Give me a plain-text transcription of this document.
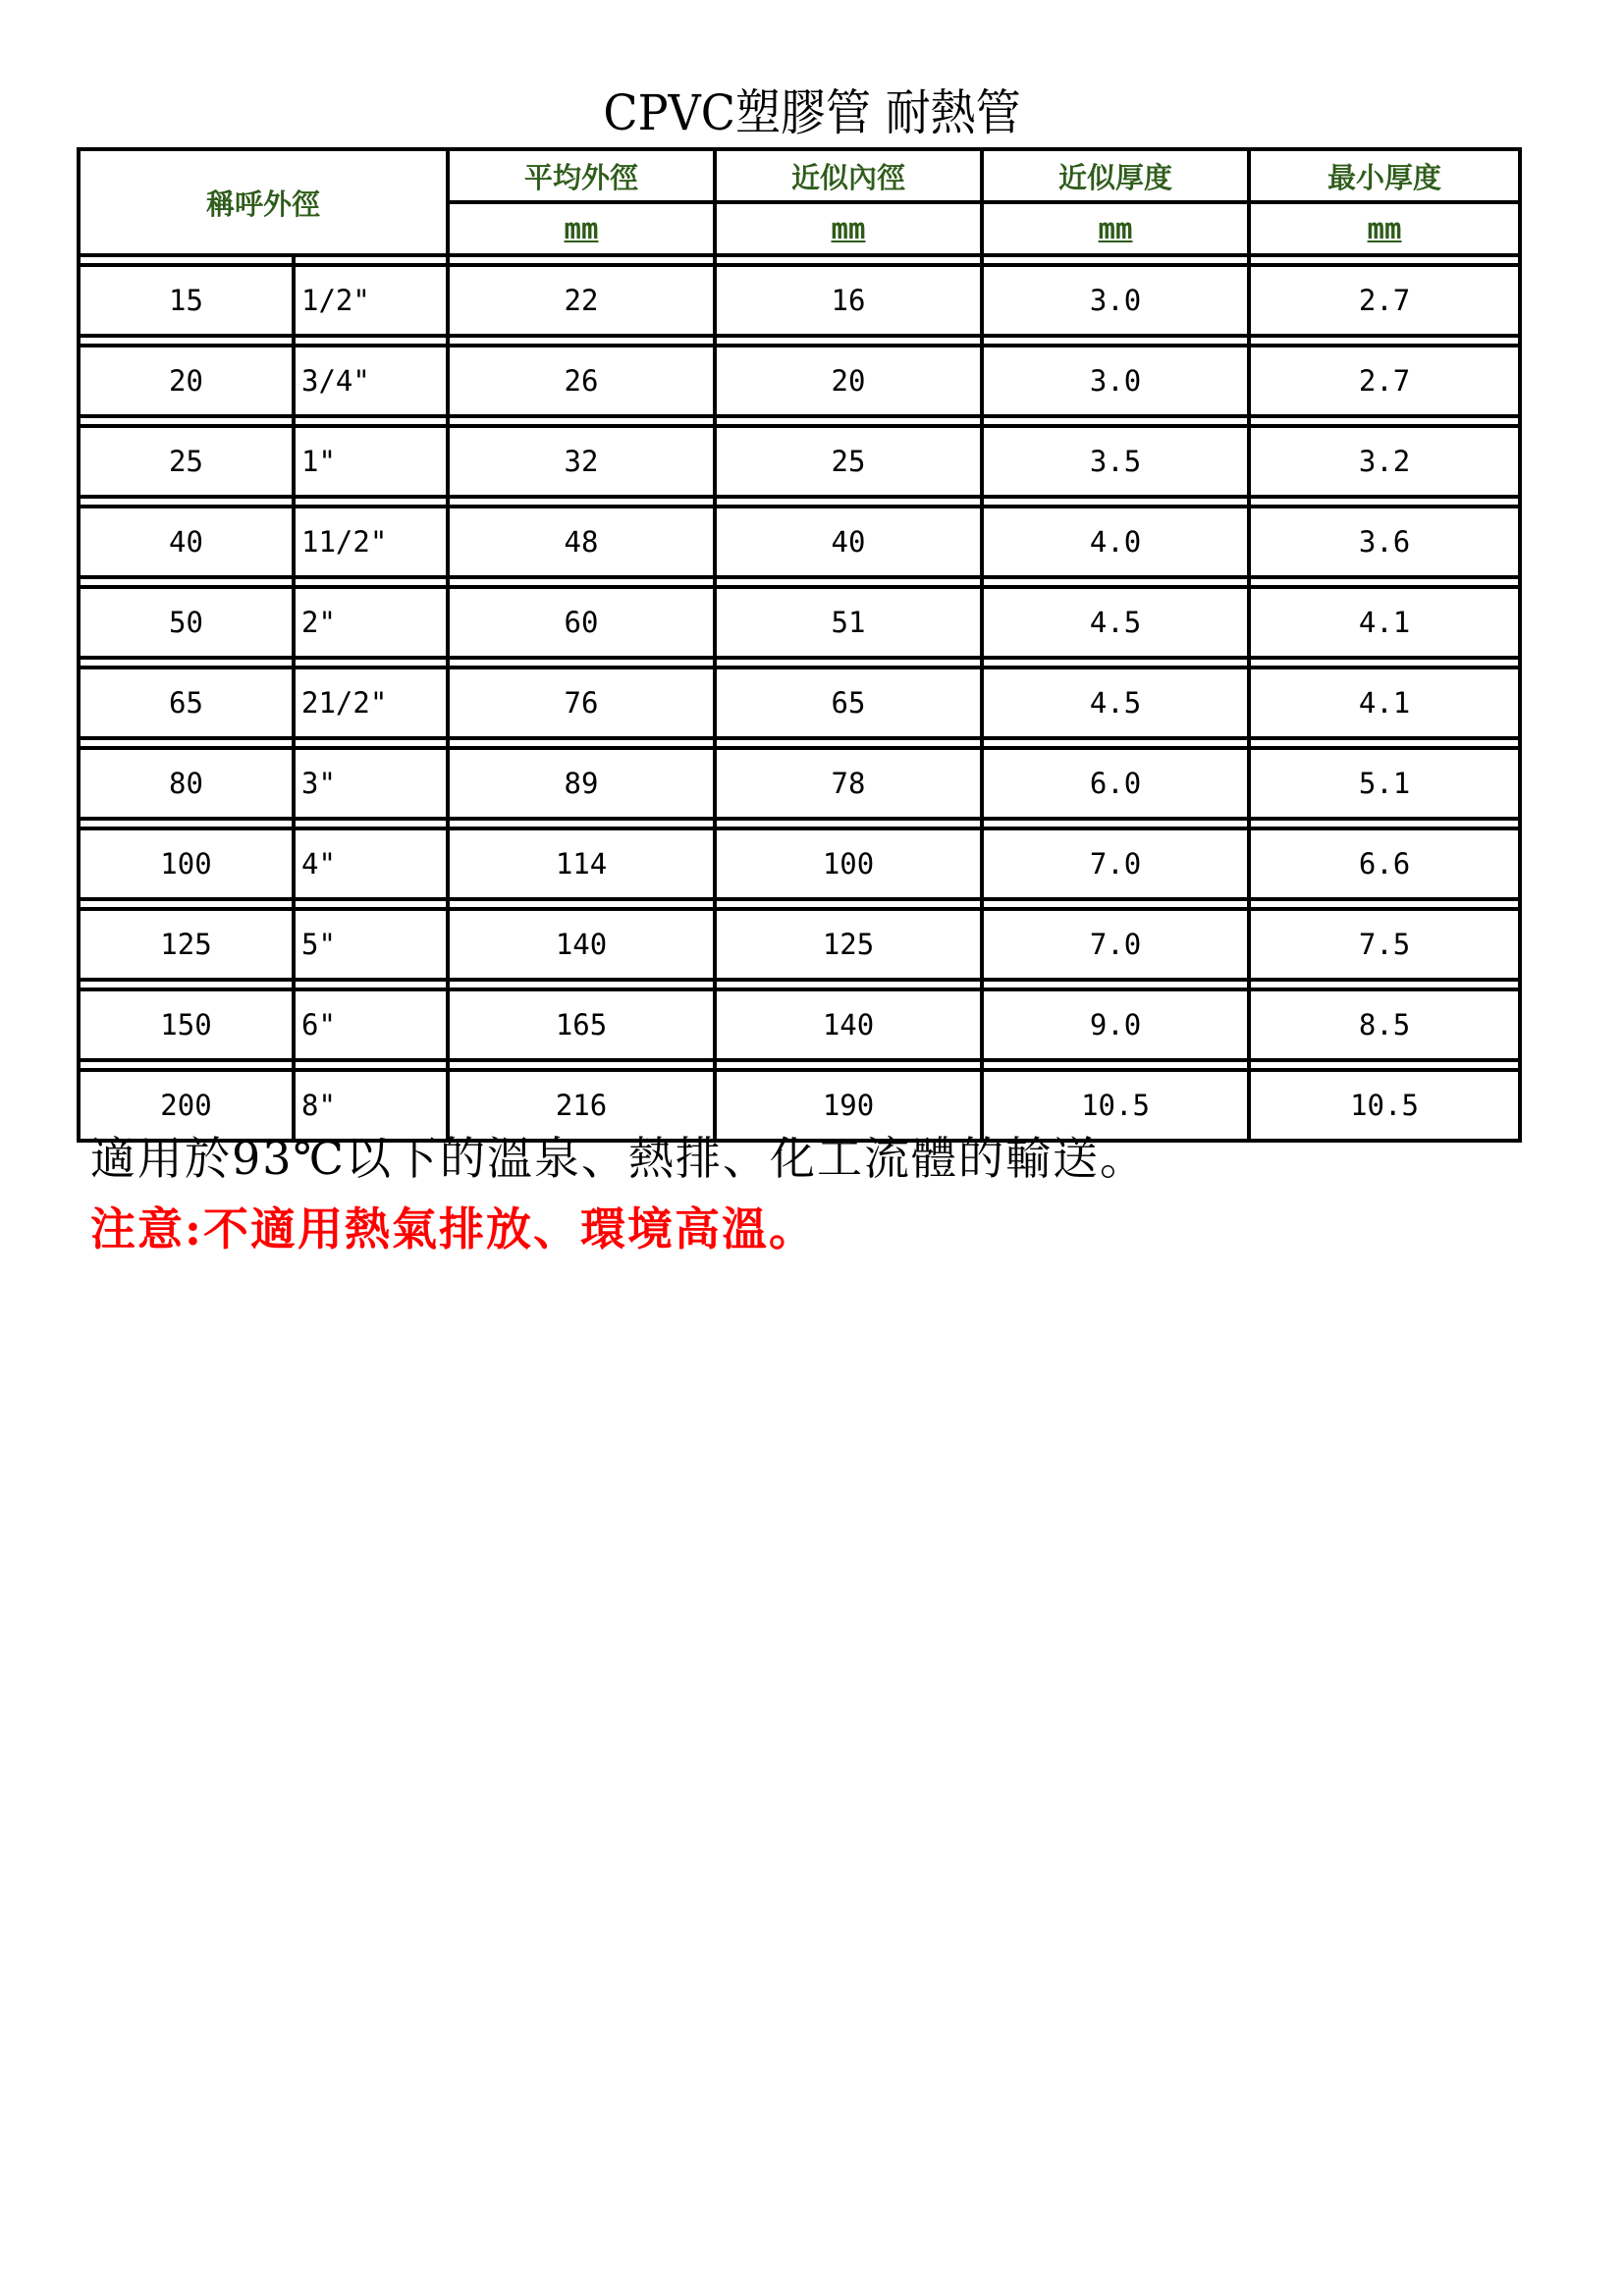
CPVC塑膠管 耐熱管
稱呼外徑		平均外徑	近似內徑	近似厚度	最小厚度
		mm	mm	mm	mm

15	1/2"	22	16	3.0	2.7

20	3/4"	26	20	3.0	2.7

25	1"	32	25	3.5	3.2

40	11/2"	48	40	4.0	3.6

50	2"	60	51	4.5	4.1

65	21/2"	76	65	4.5	4.1

80	3"	89	78	6.0	5.1

100	4"	114	100	7.0	6.6

125	5"	140	125	7.0	7.5

150	6"	165	140	9.0	8.5

200	8"	216	190	10.5	10.5
適用於93℃以下的溫泉、熱排、化工流體的輸送。
注意:不適用熱氣排放、環境高溫。
